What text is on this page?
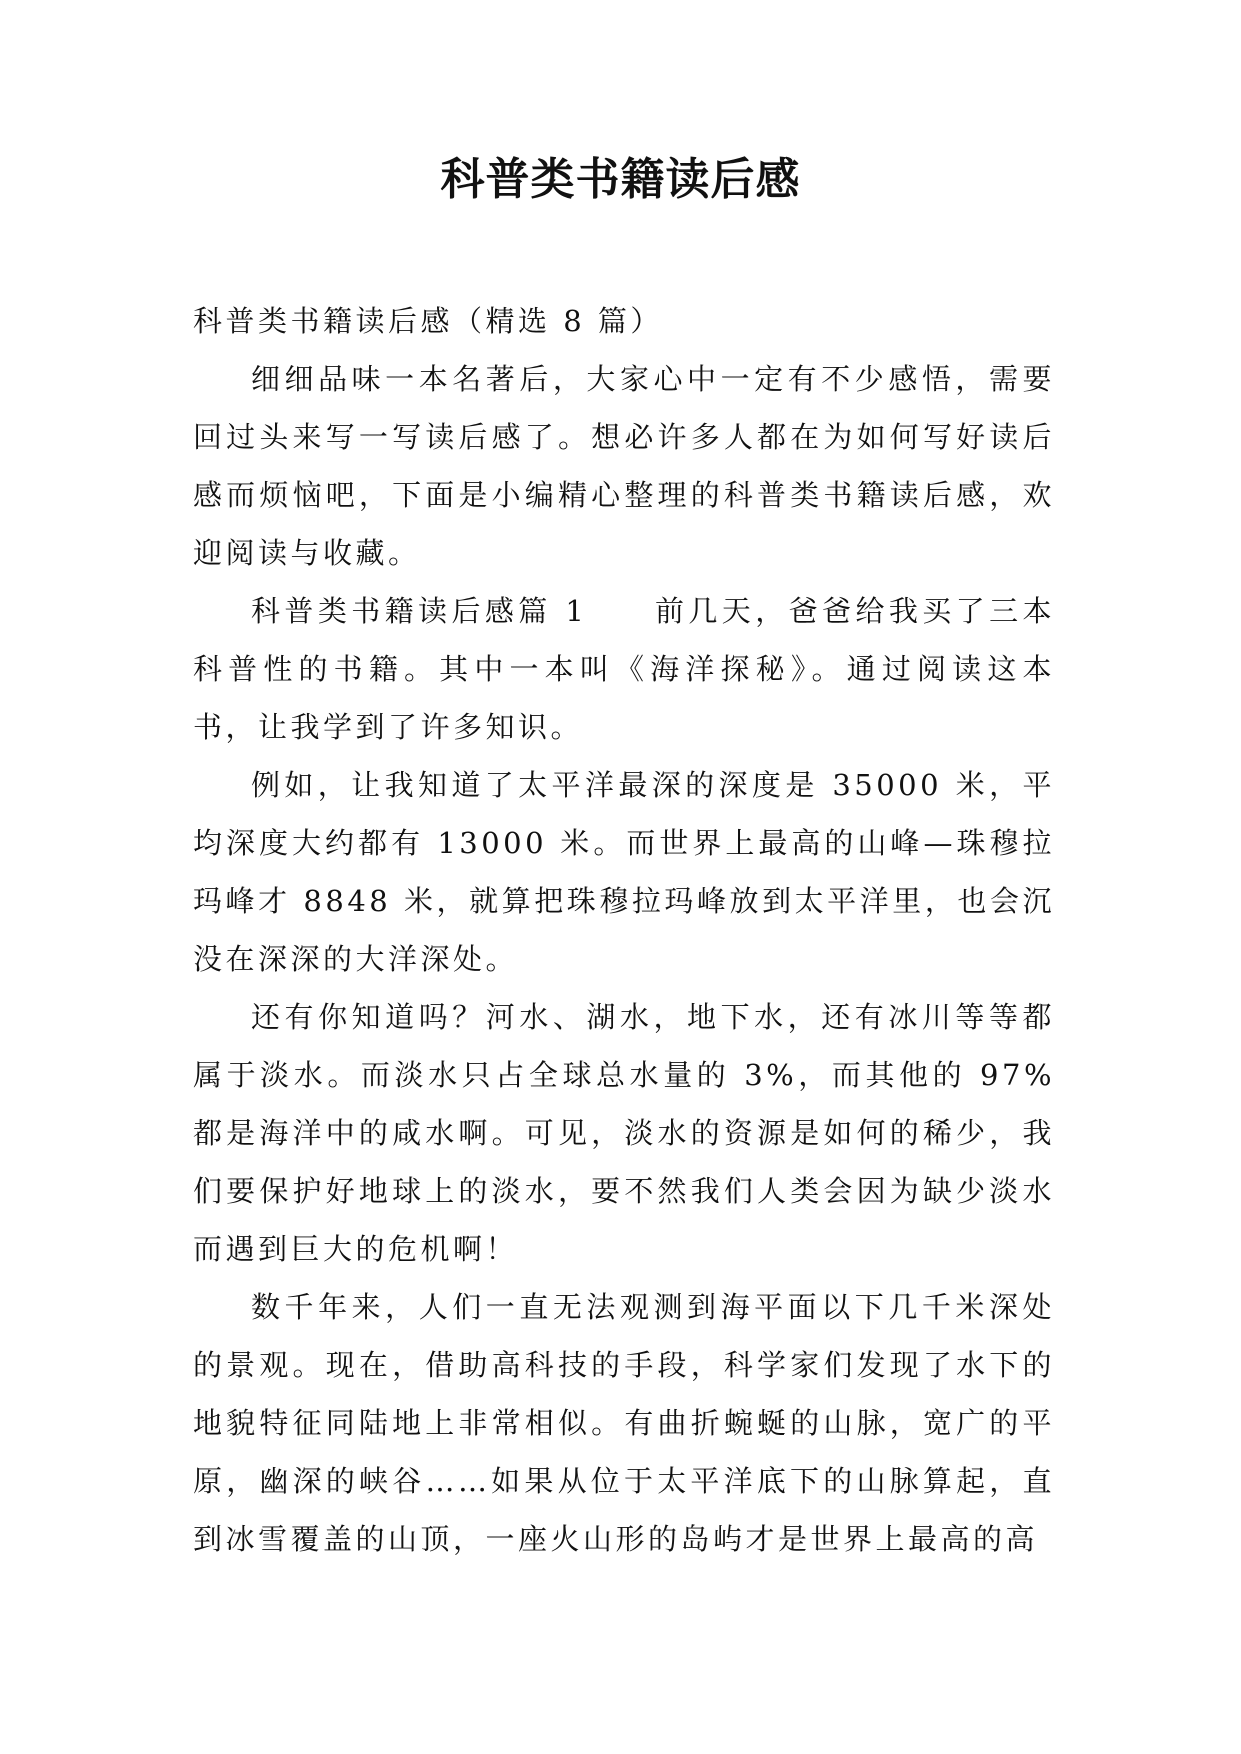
科普类书籍读后感

科普类书籍读后感（精选 8 篇）

细细品味一本名著后，大家心中一定有不少感悟，需要回过头来写一写读后感了。想必许多人都在为如何写好读后感而烦恼吧，下面是小编精心整理的科普类书籍读后感，欢迎阅读与收藏。

科普类书籍读后感篇 1　　前几天，爸爸给我买了三本科普性的书籍。其中一本叫《海洋探秘》。通过阅读这本书，让我学到了许多知识。

例如，让我知道了太平洋最深的深度是 35000 米，平均深度大约都有 13000 米。而世界上最高的山峰—珠穆拉玛峰才 8848 米，就算把珠穆拉玛峰放到太平洋里，也会沉没在深深的大洋深处。

还有你知道吗？河水、湖水，地下水，还有冰川等等都属于淡水。而淡水只占全球总水量的 3%，而其他的 97%都是海洋中的咸水啊。可见，淡水的资源是如何的稀少，我们要保护好地球上的淡水，要不然我们人类会因为缺少淡水而遇到巨大的危机啊！

数千年来，人们一直无法观测到海平面以下几千米深处的景观。现在，借助高科技的手段，科学家们发现了水下的地貌特征同陆地上非常相似。有曲折蜿蜒的山脉，宽广的平原，幽深的峡谷……如果从位于太平洋底下的山脉算起，直到冰雪覆盖的山顶，一座火山形的岛屿才是世界上最高的高
